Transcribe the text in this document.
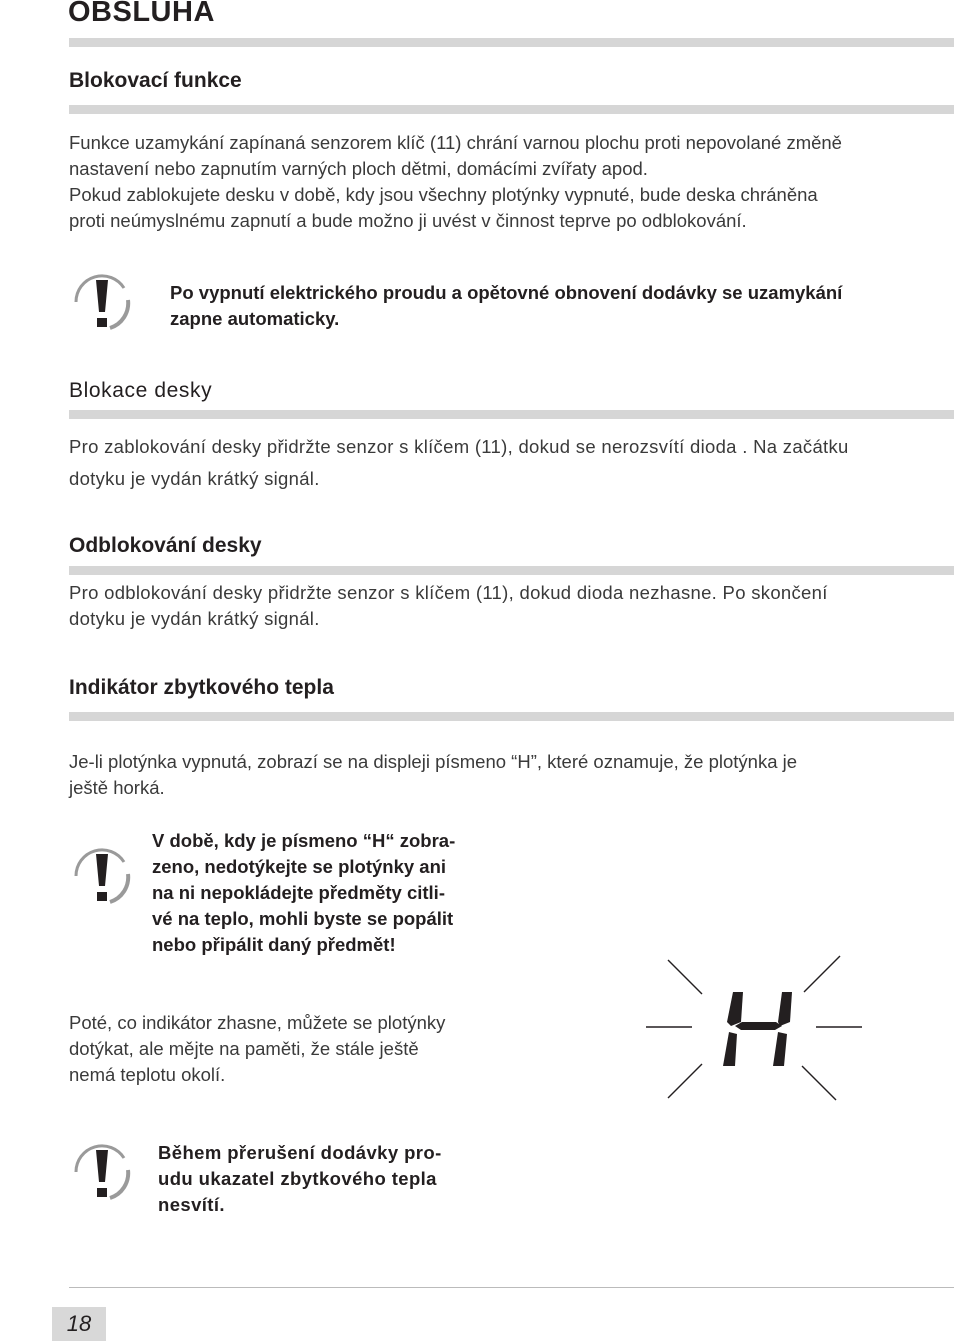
OBSLUHA
Blokovací funkce
Funkce uzamykání zapínaná senzorem klíč (11) chrání varnou plochu proti nepovolané změně
nastavení nebo zapnutím varných ploch dětmi, domácími zvířaty apod.
Pokud zablokujete desku v době, kdy jsou všechny plotýnky vypnuté, bude deska chráněna
proti neúmyslnému zapnutí a bude možno ji uvést v činnost teprve po odblokování.
Po vypnutí elektrického proudu a opětovné obnovení dodávky se uzamykání
zapne automaticky.
Blokace desky
Pro zablokování desky přidržte senzor s klíčem (11), dokud se nerozsvítí dioda . Na začátku
dotyku je vydán krátký signál.
Odblokování desky
Pro odblokování desky přidržte senzor s klíčem (11), dokud dioda nezhasne. Po skončení
dotyku je vydán krátký signál.
Indikátor zbytkového tepla
Je-li plotýnka vypnutá, zobrazí se na displeji písmeno “H”, které oznamuje, že plotýnka je
ještě horká.
V době, kdy je písmeno “H“ zobra-
zeno, nedotýkejte se plotýnky ani
na ni nepokládejte předměty citli-
vé na teplo, mohli byste se popálit
nebo připálit daný předmět!
Poté, co indikátor zhasne, můžete se plotýnky
dotýkat, ale mějte na paměti, že stále ještě
nemá teplotu okolí.
H
Během přerušení dodávky pro-
udu ukazatel zbytkového tepla
nesvítí.
18
